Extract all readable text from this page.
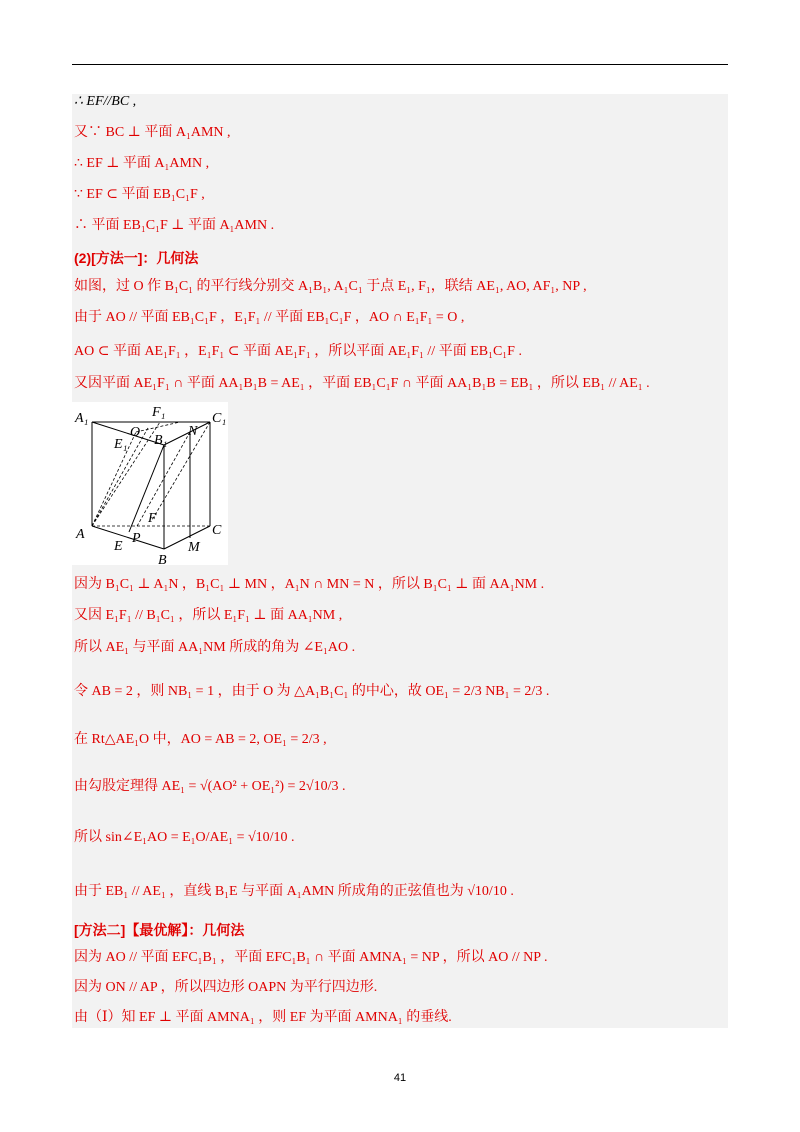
∴ EF//BC ,
又∵ BC ⊥ 平面 A₁AMN ,
∴ EF ⊥ 平面 A₁AMN ,
∵ EF ⊂ 平面 EB₁C₁F ,
∴ 平面 EB₁C₁F ⊥ 平面 A₁AMN .
(2)[方法一]：几何法
如图，过 O 作 B₁C₁ 的平行线分别交 A₁B₁, A₁C₁ 于点 E₁, F₁，联结 AE₁, AO, AF₁, NP ,
由于 AO // 平面 EB₁C₁F ，E₁F₁ // 平面 EB₁C₁F ，AO ∩ E₁F₁ = O ,
AO ⊂ 平面 AE₁F₁ ，E₁F₁ ⊂ 平面 AE₁F₁ ，所以平面 AE₁F₁ // 平面 EB₁C₁F .
又因平面 AE₁F₁ ∩ 平面 AA₁B₁B = AE₁ ，平面 EB₁C₁F ∩ 平面 AA₁B₁B = EB₁ ，所以 EB₁ // AE₁ .
A₁	F₁	C₁
O	N
E₁ B₁
F
A	C
P
E	M
B
因为 B₁C₁ ⊥ A₁N ，B₁C₁ ⊥ MN ，A₁N ∩ MN = N ，所以 B₁C₁ ⊥ 面 AA₁NM .
又因 E₁F₁ // B₁C₁ ，所以 E₁F₁ ⊥ 面 AA₁NM ,
所以 AE₁ 与平面 AA₁NM 所成的角为 ∠E₁AO .
令 AB = 2 ，则 NB₁ = 1 ，由于 O 为 △A₁B₁C₁ 的中心，故 OE₁ = 2/3 NB₁ = 2/3 .
在 Rt△AE₁O 中，AO = AB = 2, OE₁ = 2/3 ,
由勾股定理得 AE₁ = √(AO² + OE₁²) = 2√10/3 .
所以 sin∠E₁AO = E₁O/AE₁ = √10/10 .
由于 EB₁ // AE₁ ，直线 B₁E 与平面 A₁AMN 所成角的正弦值也为 √10/10 .
[方法二]【最优解】：几何法
因为 AO // 平面 EFC₁B₁ ，平面 EFC₁B₁ ∩ 平面 AMNA₁ = NP ，所以 AO // NP .
因为 ON // AP ，所以四边形 OAPN 为平行四边形.
由（Ⅰ）知 EF ⊥ 平面 AMNA₁ ，则 EF 为平面 AMNA₁ 的垂线.
41
